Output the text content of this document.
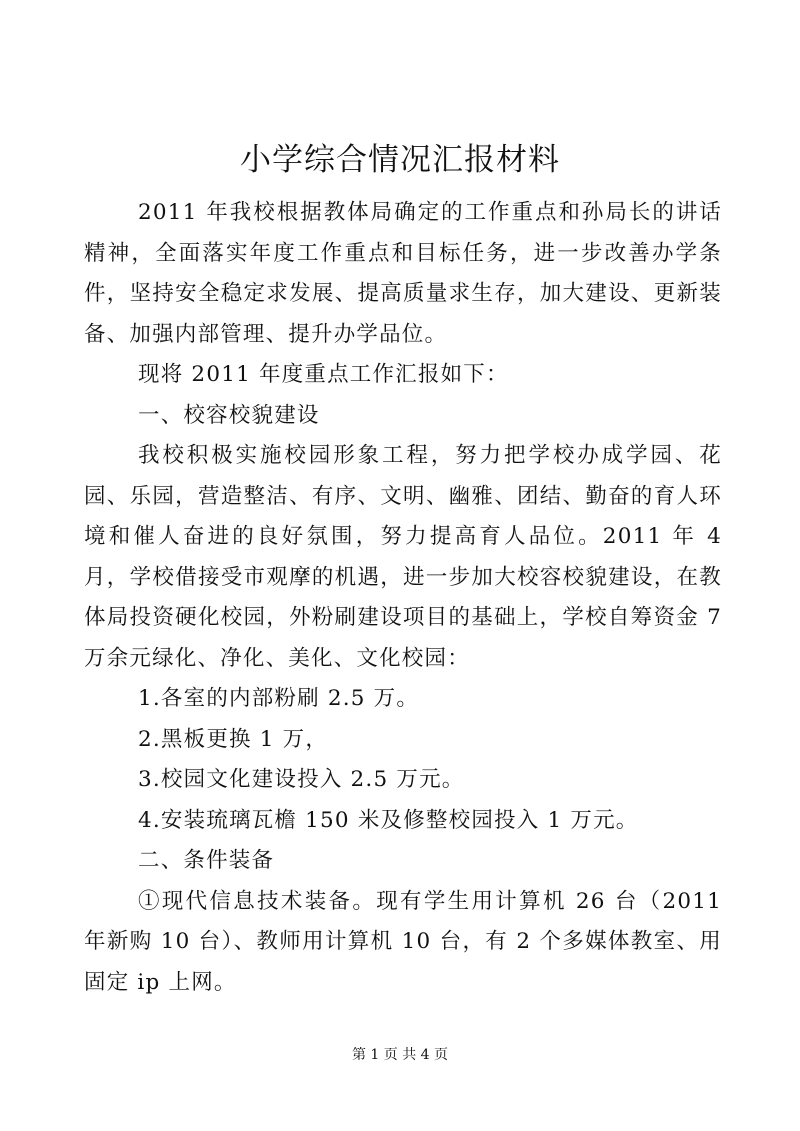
小学综合情况汇报材料

2011 年我校根据教体局确定的工作重点和孙局长的讲话精神，全面落实年度工作重点和目标任务，进一步改善办学条件，坚持安全稳定求发展、提高质量求生存，加大建设、更新装备、加强内部管理、提升办学品位。

现将 2011 年度重点工作汇报如下：

一、校容校貌建设

我校积极实施校园形象工程，努力把学校办成学园、花园、乐园，营造整洁、有序、文明、幽雅、团结、勤奋的育人环境和催人奋进的良好氛围，努力提高育人品位。2011 年 4 月，学校借接受市观摩的机遇，进一步加大校容校貌建设，在教体局投资硬化校园，外粉刷建设项目的基础上，学校自筹资金 7 万余元绿化、净化、美化、文化校园：

1.各室的内部粉刷 2.5 万。

2.黑板更换 1 万，

3.校园文化建设投入 2.5 万元。

4.安装琉璃瓦檐 150 米及修整校园投入 1 万元。

二、条件装备

①现代信息技术装备。现有学生用计算机 26 台（2011 年新购 10 台）、教师用计算机 10 台，有 2 个多媒体教室、用固定 ip 上网。

第 1 页 共 4 页
